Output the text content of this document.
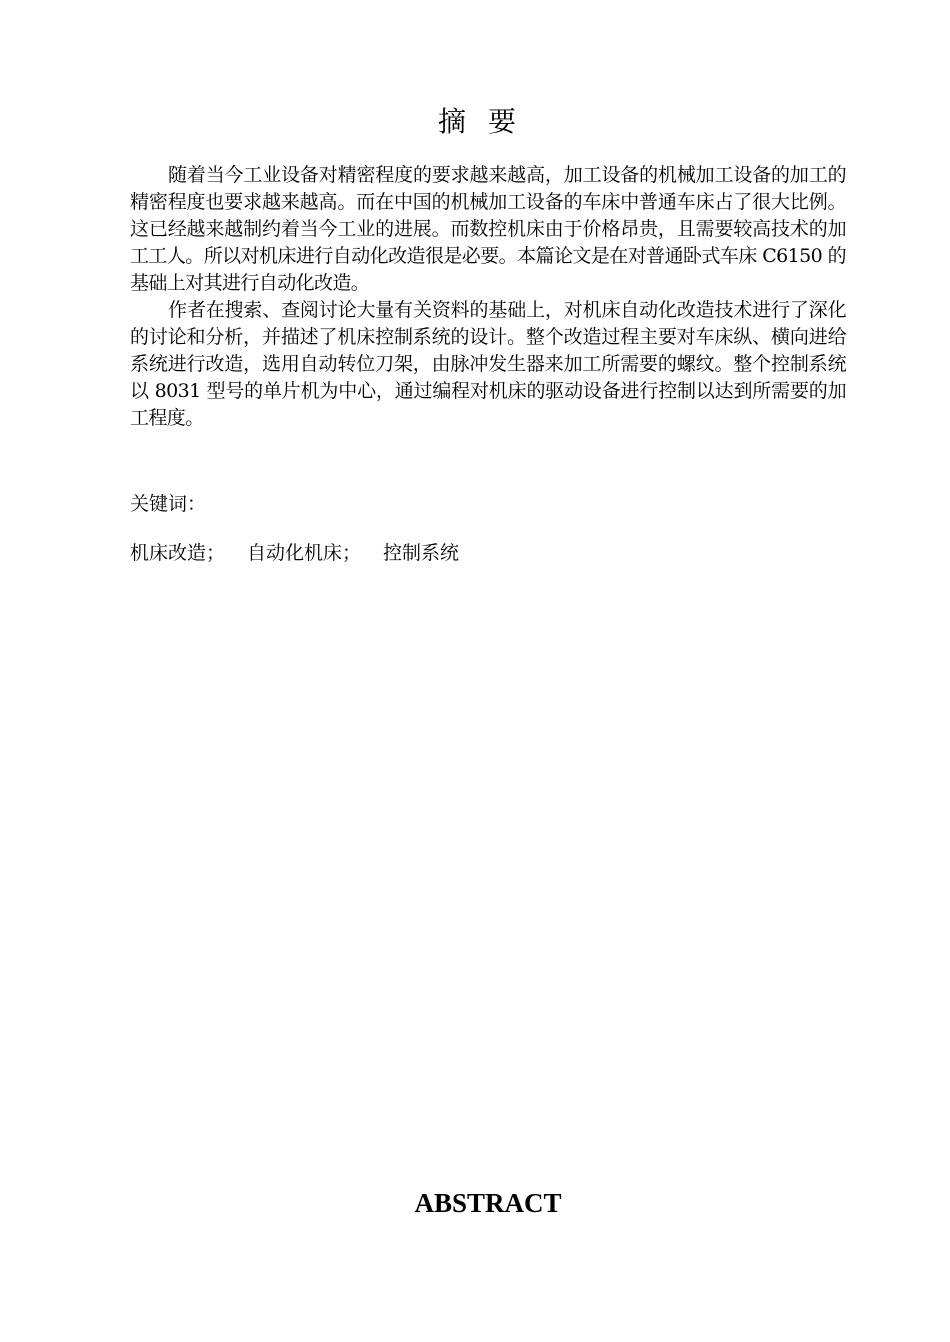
摘要

随着当今工业设备对精密程度的要求越来越高，加工设备的机械加工设备的加工的精密程度也要求越来越高。而在中国的机械加工设备的车床中普通车床占了很大比例。这已经越来越制约着当今工业的进展。而数控机床由于价格昂贵，且需要较高技术的加工工人。所以对机床进行自动化改造很是必要。本篇论文是在对普通卧式车床 C6150 的基础上对其进行自动化改造。

作者在搜索、查阅讨论大量有关资料的基础上，对机床自动化改造技术进行了深化的讨论和分析，并描述了机床控制系统的设计。整个改造过程主要对车床纵、横向进给系统进行改造，选用自动转位刀架，由脉冲发生器来加工所需要的螺纹。整个控制系统以 8031 型号的单片机为中心，通过编程对机床的驱动设备进行控制以达到所需要的加工程度。

关键词：
机床改造； 自动化机床； 控制系统
ABSTRACT
